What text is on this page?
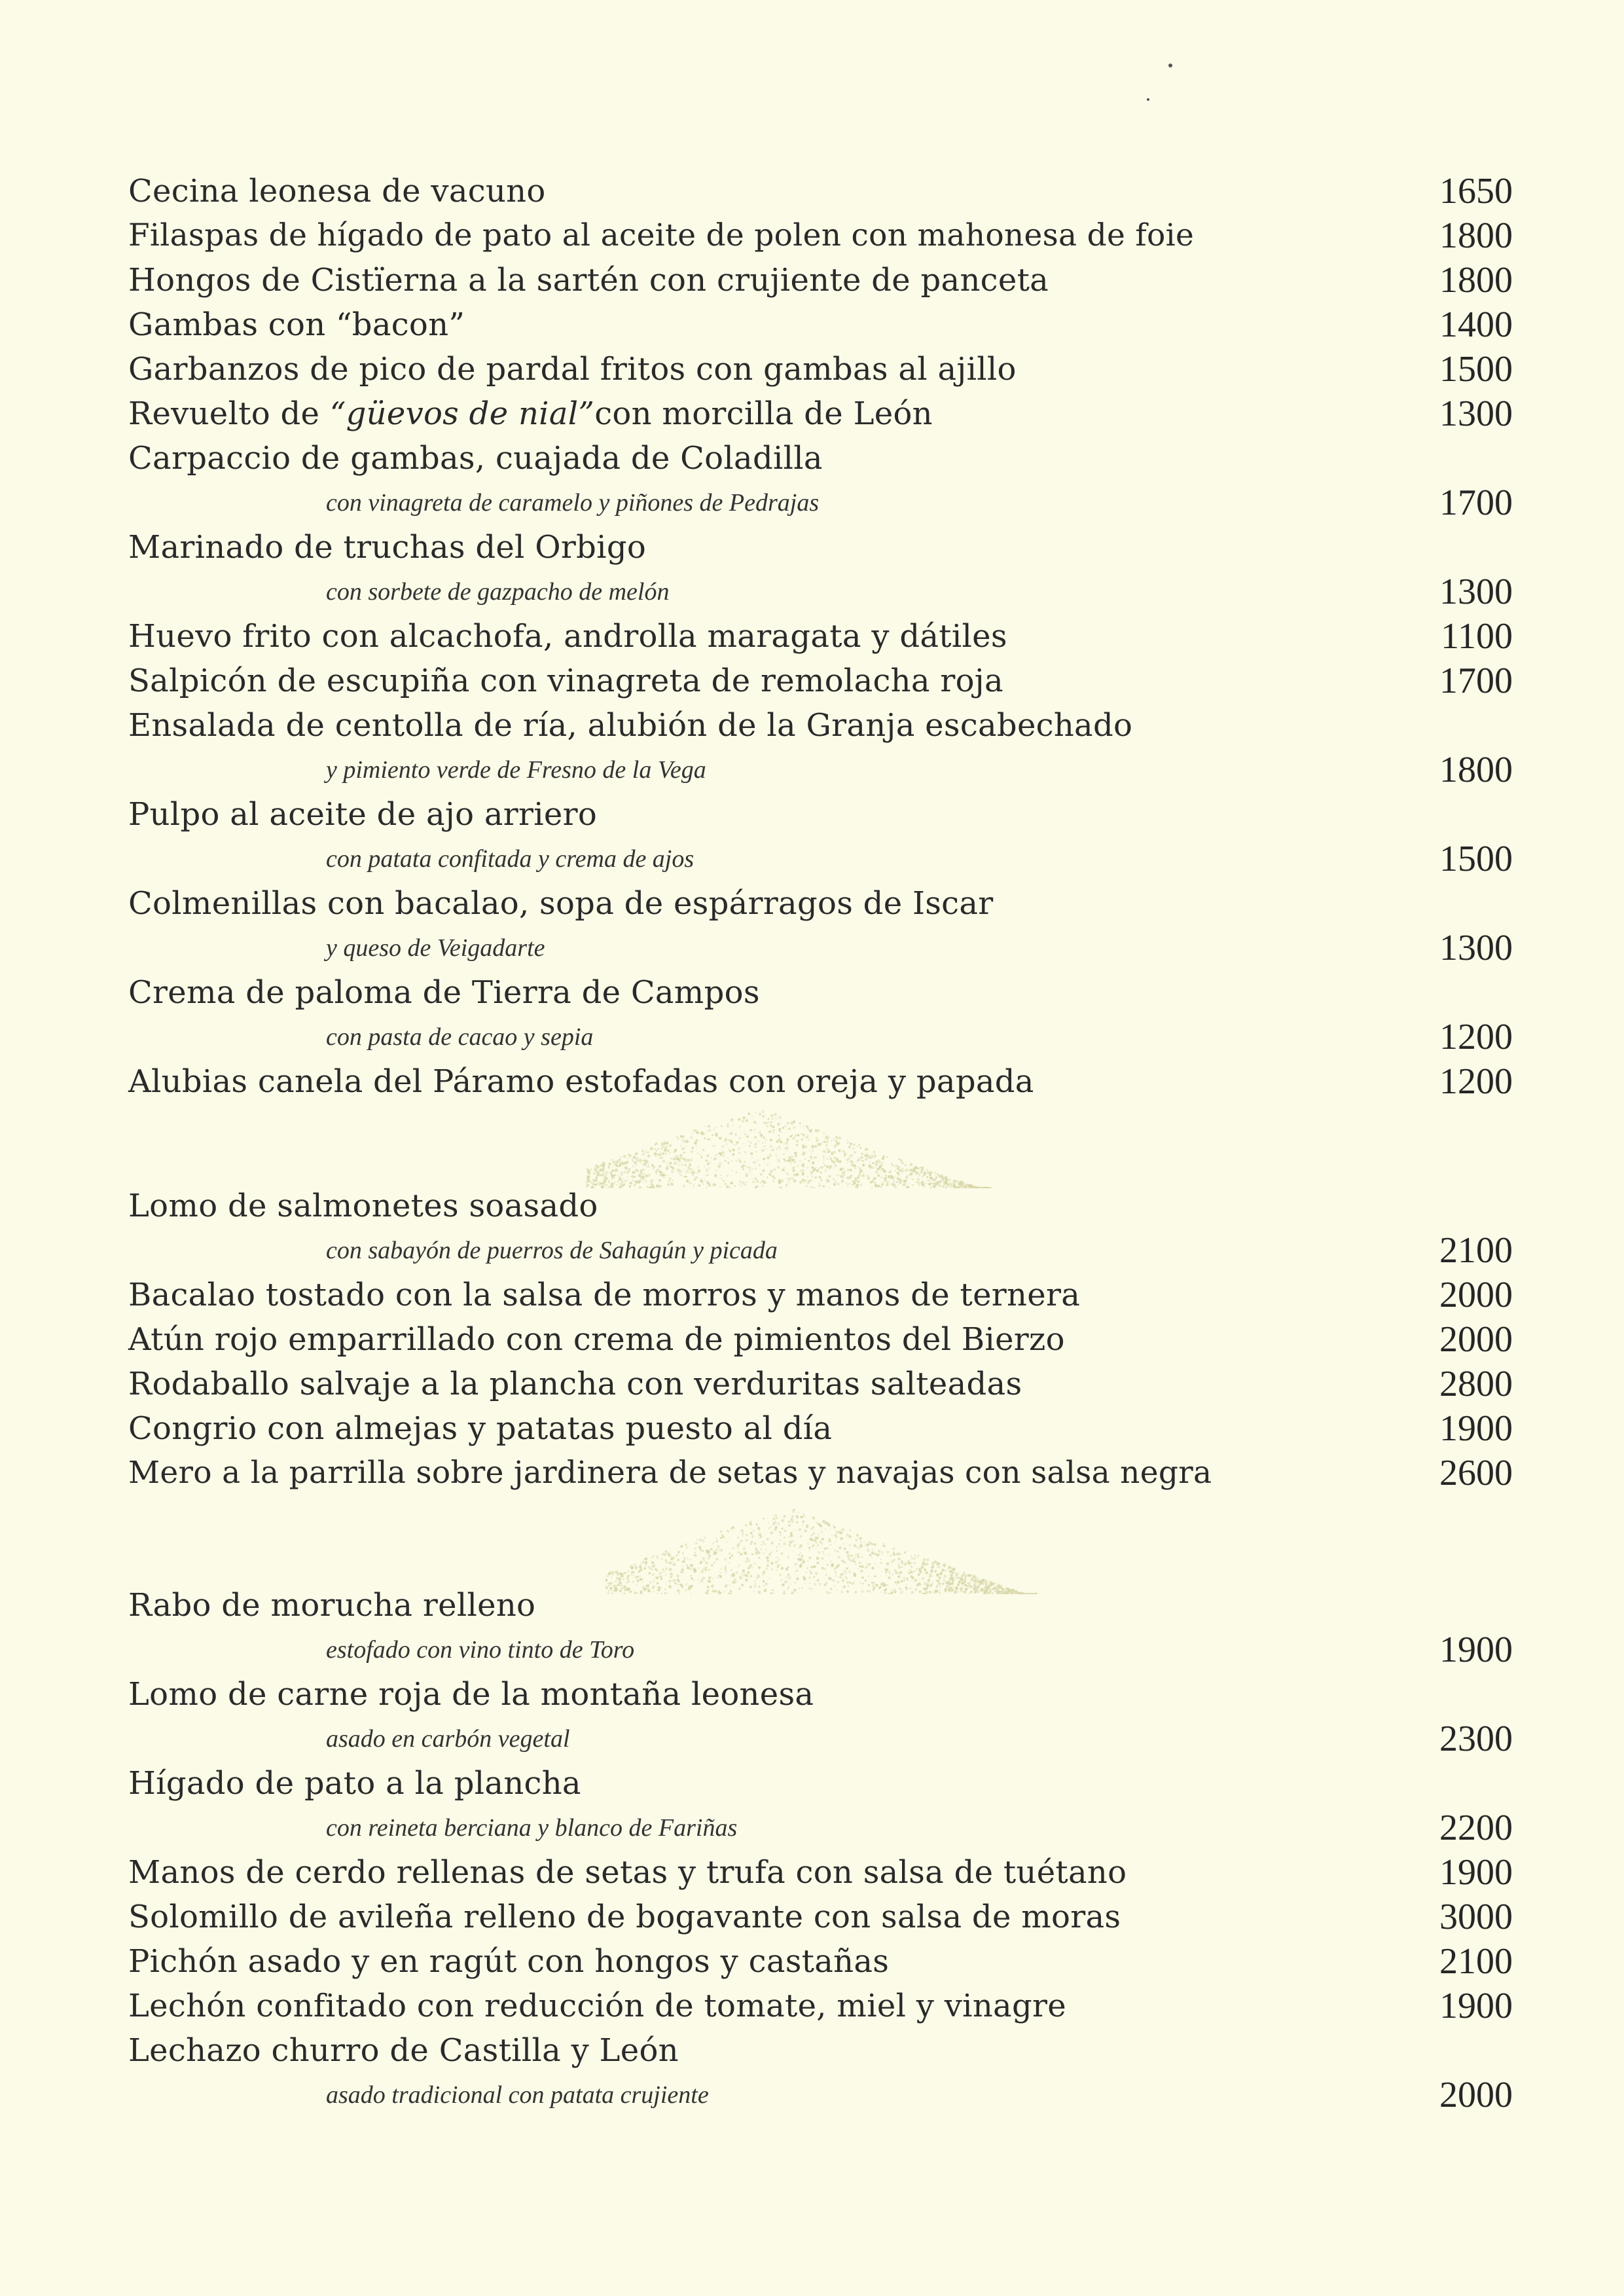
Cecina leonesa de vacuno	1650
Filaspas de hígado de pato al aceite de polen con mahonesa de foie	1800
Hongos de Cistïerna a la sartén con crujiente de panceta	1800
Gambas con “bacon”	1400
Garbanzos de pico de pardal fritos con gambas al ajillo	1500
Revuelto de “güevos de nial”con morcilla de León	1300
Carpaccio de gambas, cuajada de Coladilla
con vinagreta de caramelo y piñones de Pedrajas	1700
Marinado de truchas del Orbigo
con sorbete de gazpacho de melón	1300
Huevo frito con alcachofa, androlla maragata y dátiles	1100
Salpicón de escupiña con vinagreta de remolacha roja	1700
Ensalada de centolla de ría, alubión de la Granja escabechado
y pimiento verde de Fresno de la Vega	1800
Pulpo al aceite de ajo arriero
con patata confitada y crema de ajos	1500
Colmenillas con bacalao, sopa de espárragos de Iscar
y queso de Veigadarte	1300
Crema de paloma de Tierra de Campos
con pasta de cacao y sepia	1200
Alubias canela del Páramo estofadas con oreja y papada	1200
Lomo de salmonetes soasado
con sabayón de puerros de Sahagún y picada	2100
Bacalao tostado con la salsa de morros y manos de ternera	2000
Atún rojo emparrillado con crema de pimientos del Bierzo	2000
Rodaballo salvaje a la plancha con verduritas salteadas	2800
Congrio con almejas y patatas puesto al día	1900
Mero a la parrilla sobre jardinera de setas y navajas con salsa negra	2600
Rabo de morucha relleno
estofado con vino tinto de Toro	1900
Lomo de carne roja de la montaña leonesa
asado en carbón vegetal	2300
Hígado de pato a la plancha
con reineta berciana y blanco de Fariñas	2200
Manos de cerdo rellenas de setas y trufa con salsa de tuétano	1900
Solomillo de avileña relleno de bogavante con salsa de moras	3000
Pichón asado y en ragút con hongos y castañas	2100
Lechón confitado con reducción de tomate, miel y vinagre	1900
Lechazo churro de Castilla y León
asado tradicional con patata crujiente	2000
